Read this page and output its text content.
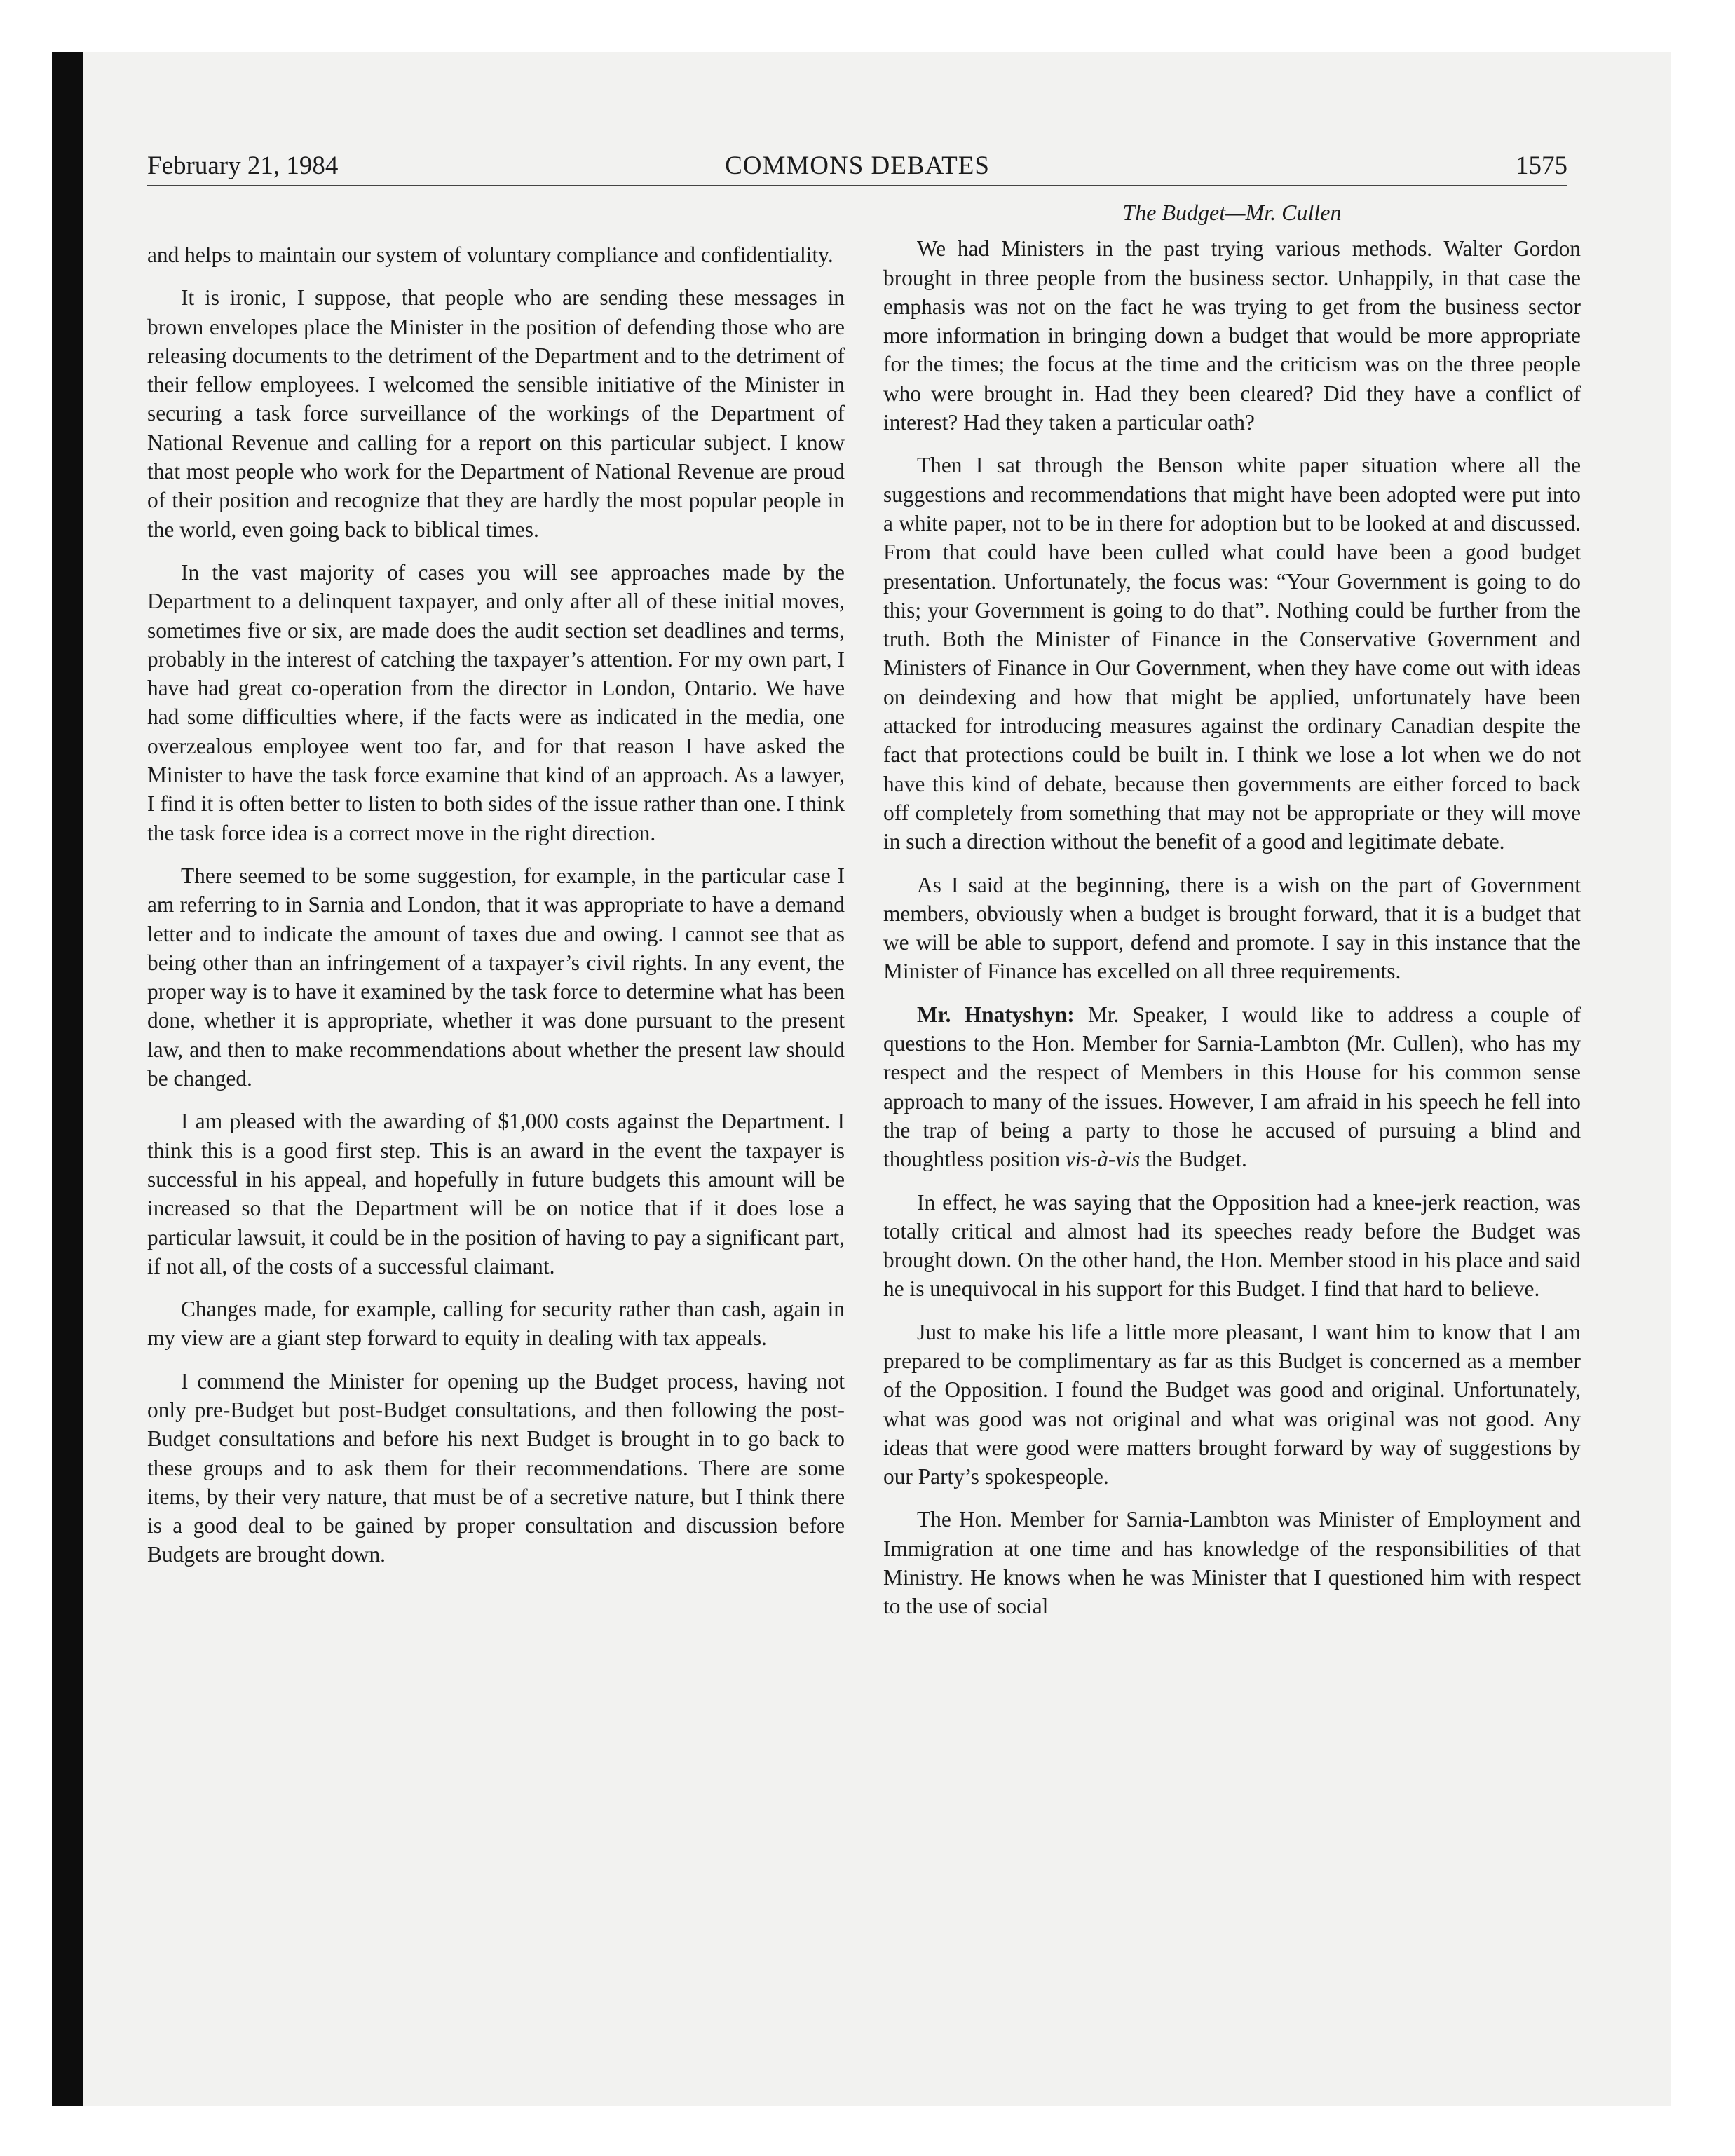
February 21, 1984	COMMONS DEBATES	1575

and helps to maintain our system of voluntary compliance and confidentiality.

It is ironic, I suppose, that people who are sending these messages in brown envelopes place the Minister in the position of defending those who are releasing documents to the detriment of the Department and to the detriment of their fellow employees. I welcomed the sensible initiative of the Minister in securing a task force surveillance of the workings of the Department of National Revenue and calling for a report on this particular subject. I know that most people who work for the Department of National Revenue are proud of their position and recognize that they are hardly the most popular people in the world, even going back to biblical times.

In the vast majority of cases you will see approaches made by the Department to a delinquent taxpayer, and only after all of these initial moves, sometimes five or six, are made does the audit section set deadlines and terms, probably in the interest of catching the taxpayer’s attention. For my own part, I have had great co-operation from the director in London, Ontario. We have had some difficulties where, if the facts were as indicated in the media, one overzealous employee went too far, and for that reason I have asked the Minister to have the task force examine that kind of an approach. As a lawyer, I find it is often better to listen to both sides of the issue rather than one. I think the task force idea is a correct move in the right direction.

There seemed to be some suggestion, for example, in the particular case I am referring to in Sarnia and London, that it was appropriate to have a demand letter and to indicate the amount of taxes due and owing. I cannot see that as being other than an infringement of a taxpayer’s civil rights. In any event, the proper way is to have it examined by the task force to determine what has been done, whether it is appropriate, whether it was done pursuant to the present law, and then to make recommendations about whether the present law should be changed.

I am pleased with the awarding of $1,000 costs against the Department. I think this is a good first step. This is an award in the event the taxpayer is successful in his appeal, and hopefully in future budgets this amount will be increased so that the Department will be on notice that if it does lose a particular lawsuit, it could be in the position of having to pay a significant part, if not all, of the costs of a successful claimant.

Changes made, for example, calling for security rather than cash, again in my view are a giant step forward to equity in dealing with tax appeals.

I commend the Minister for opening up the Budget process, having not only pre-Budget but post-Budget consultations, and then following the post-Budget consultations and before his next Budget is brought in to go back to these groups and to ask them for their recommendations. There are some items, by their very nature, that must be of a secretive nature, but I think there is a good deal to be gained by proper consultation and discussion before Budgets are brought down.

The Budget—Mr. Cullen

We had Ministers in the past trying various methods. Walter Gordon brought in three people from the business sector. Unhappily, in that case the emphasis was not on the fact he was trying to get from the business sector more information in bringing down a budget that would be more appropriate for the times; the focus at the time and the criticism was on the three people who were brought in. Had they been cleared? Did they have a conflict of interest? Had they taken a particular oath?

Then I sat through the Benson white paper situation where all the suggestions and recommendations that might have been adopted were put into a white paper, not to be in there for adoption but to be looked at and discussed. From that could have been culled what could have been a good budget presentation. Unfortunately, the focus was: “Your Government is going to do this; your Government is going to do that”. Nothing could be further from the truth. Both the Minister of Finance in the Conservative Government and Ministers of Finance in Our Government, when they have come out with ideas on deindexing and how that might be applied, unfortunately have been attacked for introducing measures against the ordinary Canadian despite the fact that protections could be built in. I think we lose a lot when we do not have this kind of debate, because then governments are either forced to back off completely from something that may not be appropriate or they will move in such a direction without the benefit of a good and legitimate debate.

As I said at the beginning, there is a wish on the part of Government members, obviously when a budget is brought forward, that it is a budget that we will be able to support, defend and promote. I say in this instance that the Minister of Finance has excelled on all three requirements.

Mr. Hnatyshyn: Mr. Speaker, I would like to address a couple of questions to the Hon. Member for Sarnia-Lambton (Mr. Cullen), who has my respect and the respect of Members in this House for his common sense approach to many of the issues. However, I am afraid in his speech he fell into the trap of being a party to those he accused of pursuing a blind and thoughtless position vis-à-vis the Budget.

In effect, he was saying that the Opposition had a knee-jerk reaction, was totally critical and almost had its speeches ready before the Budget was brought down. On the other hand, the Hon. Member stood in his place and said he is unequivocal in his support for this Budget. I find that hard to believe.

Just to make his life a little more pleasant, I want him to know that I am prepared to be complimentary as far as this Budget is concerned as a member of the Opposition. I found the Budget was good and original. Unfortunately, what was good was not original and what was original was not good. Any ideas that were good were matters brought forward by way of suggestions by our Party’s spokespeople.

The Hon. Member for Sarnia-Lambton was Minister of Employment and Immigration at one time and has knowledge of the responsibilities of that Ministry. He knows when he was Minister that I questioned him with respect to the use of social
